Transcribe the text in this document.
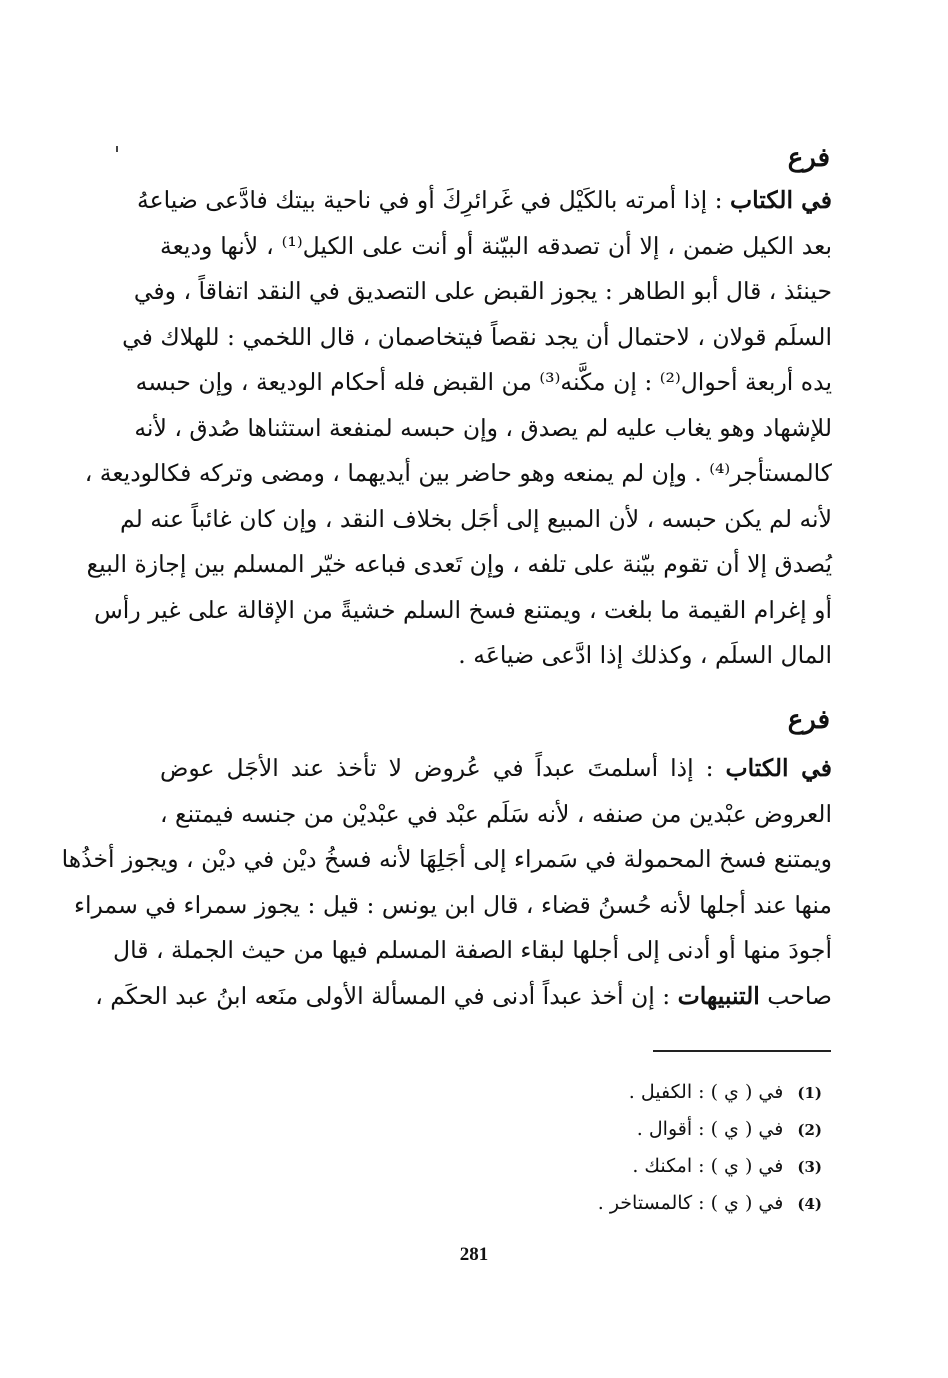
فرع
في الكتاب : إذا أمرته بالكَيْل في غَرائرِكَ أو في ناحية بيتك فادَّعى ضياعهُ
بعد الكيل ضمن ، إلا أن تصدقه البيّنة أو أنت على الكيل⁽¹⁾ ، لأنها وديعة
حينئذ ، قال أبو الطاهر : يجوز القبض على التصديق في النقد اتفاقاً ، وفي
السلَم قولان ، لاحتمال أن يجد نقصاً فيتخاصمان ، قال اللخمي : للهلاك في
يده أربعة أحوال⁽²⁾ : إن مكَّنه⁽³⁾ من القبض فله أحكام الوديعة ، وإن حبسه
للإشهاد وهو يغاب عليه لم يصدق ، وإن حبسه لمنفعة استثناها صُدق ، لأنه
كالمستأجر⁽⁴⁾ . وإن لم يمنعه وهو حاضر بين أيديهما ، ومضى وتركه فكالوديعة ،
لأنه لم يكن حبسه ، لأن المبيع إلى أجَل بخلاف النقد ، وإن كان غائباً عنه لم
يُصدق إلا أن تقوم بيّنة على تلفه ، وإن تَعدى فباعه خيّر المسلم بين إجازة البيع
أو إغرام القيمة ما بلغت ، ويمتنع فسخ السلم خشيةً من الإقالة على غير رأس
المال السلَم ، وكذلك إذا ادَّعى ضياعَه .
فرع
في الكتاب : إذا أسلمتَ عبداً في عُروض لا تأخذ عند الأجَل عوض
العروض عبْدين من صنفه ، لأنه سَلَم عبْد في عبْديْن من جنسه فيمتنع ،
ويمتنع فسخ المحمولة في سَمراء إلى أجَلِهَا لأنه فسخُ ديْن في ديْن ، ويجوز أخذُها
منها عند أجلها لأنه حُسنُ قضاء ، قال ابن يونس : قيل : يجوز سمراء في سمراء
أجودَ منها أو أدنى إلى أجلها لبقاء الصفة المسلم فيها من حيث الجملة ، قال
صاحب التنبيهات : إن أخذ عبداً أدنى في المسألة الأولى منَعه ابنُ عبد الحكَم ،
(1)في ( ي ) : الكفيل .
(2)في ( ي ) : أقوال .
(3)في ( ي ) : امكنك .
(4)في ( ي ) : كالمستاخر .
281
